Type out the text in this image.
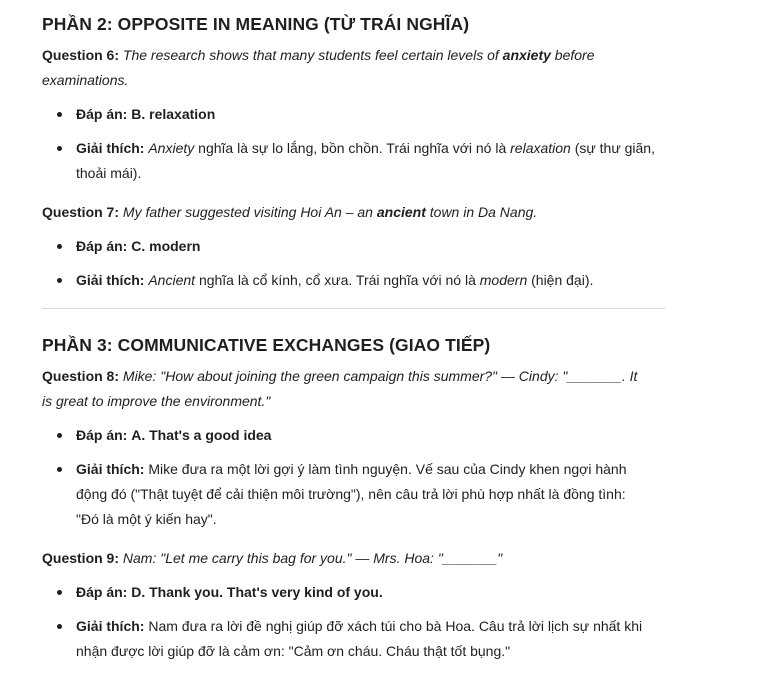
PHẦN 2: OPPOSITE IN MEANING (TỪ TRÁI NGHĨA)

Question 6: The research shows that many students feel certain levels of anxiety before examinations.

Đáp án: B. relaxation
Giải thích: Anxiety nghĩa là sự lo lắng, bồn chồn. Trái nghĩa với nó là relaxation (sự thư giãn, thoải mái).

Question 7: My father suggested visiting Hoi An – an ancient town in Da Nang.

Đáp án: C. modern
Giải thích: Ancient nghĩa là cổ kính, cổ xưa. Trái nghĩa với nó là modern (hiện đại).
PHẦN 3: COMMUNICATIVE EXCHANGES (GIAO TIẾP)

Question 8: Mike: "How about joining the green campaign this summer?" — Cindy: "_______. It
is great to improve the environment."

Đáp án: A. That's a good idea
Giải thích: Mike đưa ra một lời gợi ý làm tình nguyện. Vế sau của Cindy khen ngợi hành
động đó ("Thật tuyệt để cải thiện môi trường"), nên câu trả lời phù hợp nhất là đồng tình:
"Đó là một ý kiến hay".

Question 9: Nam: "Let me carry this bag for you." — Mrs. Hoa: "_______"

Đáp án: D. Thank you. That's very kind of you.
Giải thích: Nam đưa ra lời đề nghị giúp đỡ xách túi cho bà Hoa. Câu trả lời lịch sự nhất khi
nhận được lời giúp đỡ là cảm ơn: "Cảm ơn cháu. Cháu thật tốt bụng."
